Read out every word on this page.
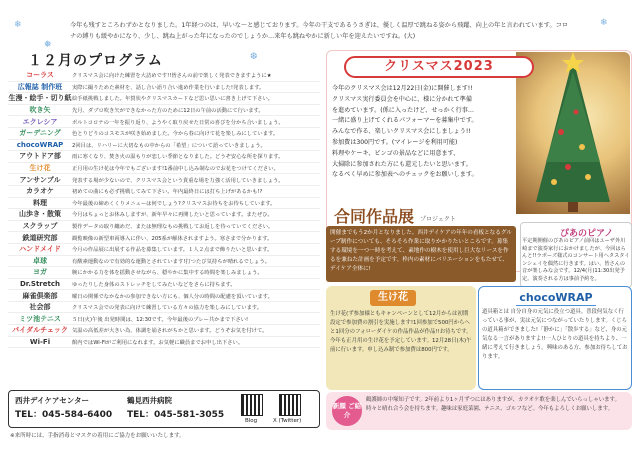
今年も残すところわずかとなりました。1年経つのは、早いな～と感じております。今年の干支であるうさぎは、優しく温厚で跳ねる姿から飛躍、向上の年と言われています。コロナの縛りも緩やかになり、少し、跳ね上がった年になったのでしょうか…来年も跳ねやかに新しい年を迎えたいですね。(大)
❄
❅
❄
❆
１２月のプログラム
コーラス	クリスマス会に向けた練習を大詰めです!!皆さんの前で楽しく発表できますように★
広報誌 制作班	実際に撮りためた素材を、話し合い語り合い進め作業を行いました!発表します。
生漫・絵手・切り紙 絵手紙挑戦しました。年賀状やクリスマスカードなど思い思いに書き上げて下さい。
吹き矢	先月、ダブロ吹き矢ができなかった方のために12日の午前の活動にて行います。
エクレシア	ボルトコロナの一年を振り返り、ようやく取り戻せた日常の喜びを分かち合いましょう。
ガーデニング	色とりどりのコスモスが咲き始めました。今から春に向けて花を楽しみにしています。
chocoWRAP	2回目は、リハリーに大切なもの中からの「希望」について語っていきましょう。
アウトドア部	雨に寒くなり、焚き火の温もりが恋しい季節となりました。どうぞ安心な所を探ります。
生け花	正月用の生け花は今年でもございます!1番前中し込み制なのでお花をつけてください。
アンサンブル	発表する場が少ないので、クリスマス会という貴重な場を力強く活用していきましょう。
カラオケ	初めての曲にも必ず挑戦してみて下さい。年内最終日には打ち上げがあるかも!?
料理	今年最後の締めくくりメニューは何でしょう?クリスマスお待ちをお待ちしています。
山歩き・散策	今月はちょっとお休みしますが、新年早々に再開したいと思っています。またぜひ。
スクラップ	製作データの取り纏めだ、または無理なもの挑戦してお返しを待っていてください。
鉄道研究部	観覧映像の新型車両導入に伴い、205系が解体されますよう。寒さまで分かります。
ハンドメイド	今月の作品展に出展する作品を募集しています。１人２点まで飾りたいと思います。
卓球	有酸素運動なので有効的な運動とされています!打つたび気持ちが晴れるでしょう。
ヨガ	腕にかかる力を体を揺動させながら、穏やかに集中する時間を楽しみましょう。
Dr.Stretch	ゆったりした身体のストレッチをしてみたいなどをさらに持ちます。
麻雀倶楽部	曜日の関係でなかなかの参加できない方にも、個人分の時間の配慮を頂いています。
社会部	クリスマス会での発表に向けて練習している方々の協力を楽しみにしています。
ミツ池テニス	５日(火)午後 出発時間は、12:30です。今年最後のプレー共かまで下さい!
パイダルチェック 気温の高低差が大きい為、体調を崩されがちかと思います。どうぞお気を付けて。
Wi-Fi	館内ではWi-Fiがご利用になれます。お気軽に職員までお申し出下さい。
西井デイケアセンター
TEL：045-584-6400
鶴見西井病院
TEL：045-581-3055
Blog	X (Twitter)
※来所時には、手指消毒とマスクの着用にご協力をお願いいたします。
クリスマス2023
今年のクリスマス会は12月22日(金)に開催します!!
クリスマス実行委員会を中心に、様に分かれて準備
を進めています。(係に入ったけど、せっかく行事…
一緒に盛り上げてくれるパフォーマーを募集中です。
みんなで作る、楽しいクリスマス会にしましょう!!
参加費は300円です。(マイレージを利用可能)
料理やケーキ、ビンゴの景品などに用意ます、
大掃除に参加された方にも還元したいと思います。
なるべく早めに参加表へのチェックをお願いします。
合同作品展 プロジェクト
開催までもう2か月となりました。西井デイケアの年年の看板となるグループ制作についても、そろそろ作業に取りかかりたいところです。募集する環境を一つ一時を考えて、素地作の樹木を使用し巨大なリースを作るを兼ねた計画を予定です。枠内の素材にバリエーションをもたせて、デイケア全体に!
ぴあのピアノ
平定期開催のぴあのピアノ前回はユーザ外川崎まで演奏家行におかけましたが、今回はらんと!!ラボーズ様式のコンサート用へタスタインシェイを偶然に行きます。はい、皆さんの音が楽しみな会です。12/4(月)11:30出発予定。演奏される方は事前予約を。
生け花
生け花(ず参加様ともキャンペーンとして12月からは初期設定で参加費の割引を実施します!1回参加で500円からへと1回分のフォローダイケの作品作品が作品!!お待ちです。今年も正月用の生け花を予定しています。12月28日(木)午前に行います。申し込み制で参加費は800円です。
chocoWRAP
道具箱とは 自分自身の元気に役立つ道具。普段何気なく行っている事が、実は元気につながっていたりします。くじらの道具箱ができました!「静かに」「散歩する」など、身の元気なる一言がありますよ!!一人ひとりの道具を持ちより、一緒に考えて行きましょう。興味のある方、参加お待ちしております。
新顔 ご紹介
鶴護師の中塚知子です。2年前より1ヶ月ずつにはありますが、カラオケ歌を楽しんでいらっしゃいます。時々と晴れ合う会を持ちます。趣味は家庭菜園、テニス、ゴルフなど。今年もよろしくお願いします。
